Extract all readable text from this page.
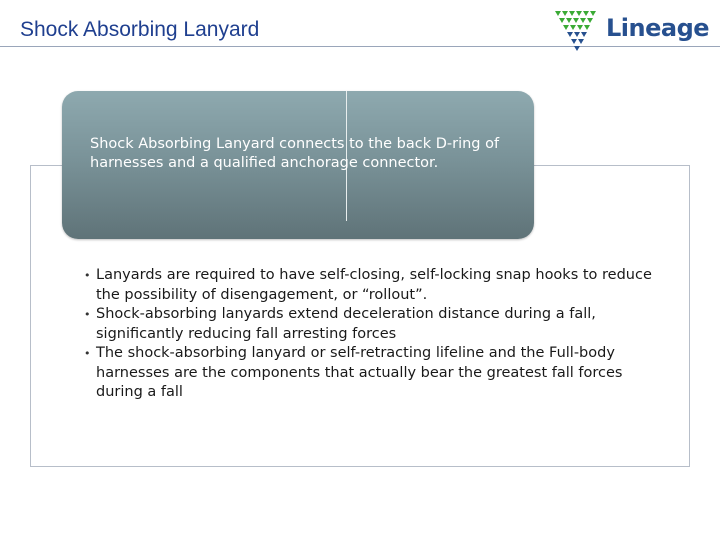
Shock Absorbing Lanyard	Lineage

Shock Absorbing Lanyard connects to the back D-ring of harnesses and a qualified anchorage connector.

• Lanyards are required to have self-closing, self-locking snap hooks to reduce the possibility of disengagement, or “rollout”.
• Shock-absorbing lanyards extend deceleration distance during a fall, significantly reducing fall arresting forces
• The shock-absorbing lanyard or self-retracting lifeline and the Full-body harnesses are the components that actually bear the greatest fall forces during a fall
